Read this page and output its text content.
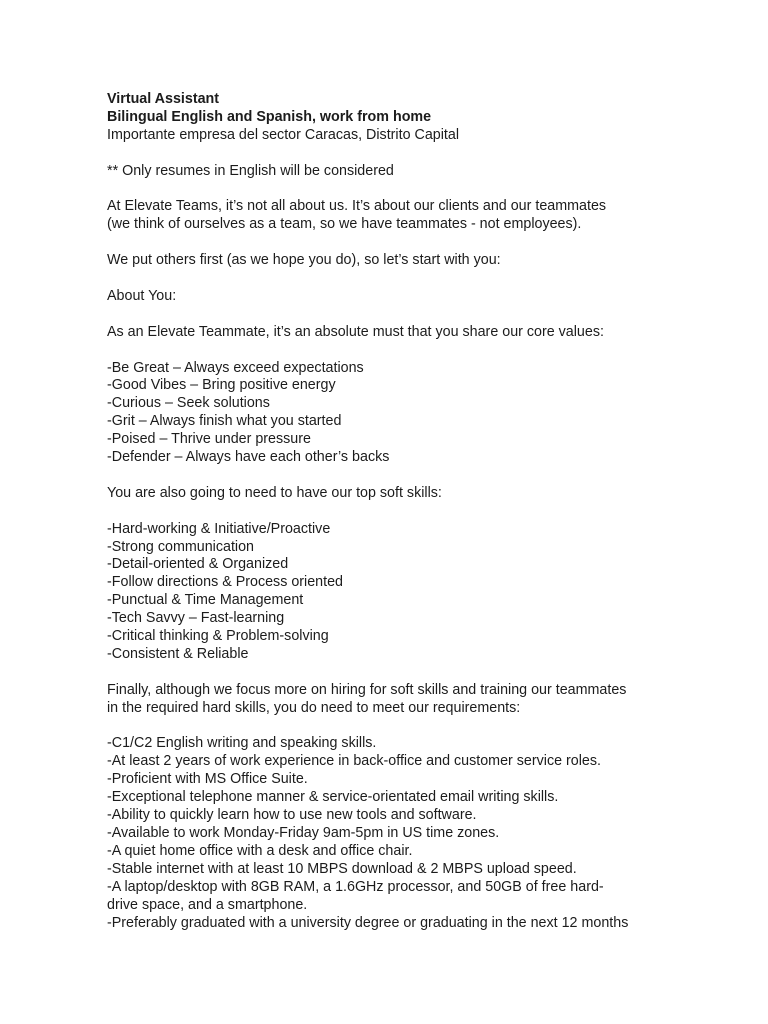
Virtual Assistant

Bilingual English and Spanish, work from home

Importante empresa del sector Caracas, Distrito Capital

** Only resumes in English will be considered

At Elevate Teams, it’s not all about us. It’s about our clients and our teammates
(we think of ourselves as a team, so we have teammates - not employees).

We put others first (as we hope you do), so let’s start with you:

About You:

As an Elevate Teammate, it’s an absolute must that you share our core values:

-Be Great – Always exceed expectations
-Good Vibes – Bring positive energy
-Curious – Seek solutions
-Grit – Always finish what you started
-Poised – Thrive under pressure
-Defender – Always have each other’s backs

You are also going to need to have our top soft skills:

-Hard-working & Initiative/Proactive
-Strong communication
-Detail-oriented & Organized
-Follow directions & Process oriented
-Punctual & Time Management
-Tech Savvy – Fast-learning
-Critical thinking & Problem-solving
-Consistent & Reliable

Finally, although we focus more on hiring for soft skills and training our teammates
in the required hard skills, you do need to meet our requirements:

-C1/C2 English writing and speaking skills.
-At least 2 years of work experience in back-office and customer service roles.
-Proficient with MS Office Suite.
-Exceptional telephone manner & service-orientated email writing skills.
-Ability to quickly learn how to use new tools and software.
-Available to work Monday-Friday 9am-5pm in US time zones.
-A quiet home office with a desk and office chair.
-Stable internet with at least 10 MBPS download & 2 MBPS upload speed.
-A laptop/desktop with 8GB RAM, a 1.6GHz processor, and 50GB of free hard-
drive space, and a smartphone.
-Preferably graduated with a university degree or graduating in the next 12 months
